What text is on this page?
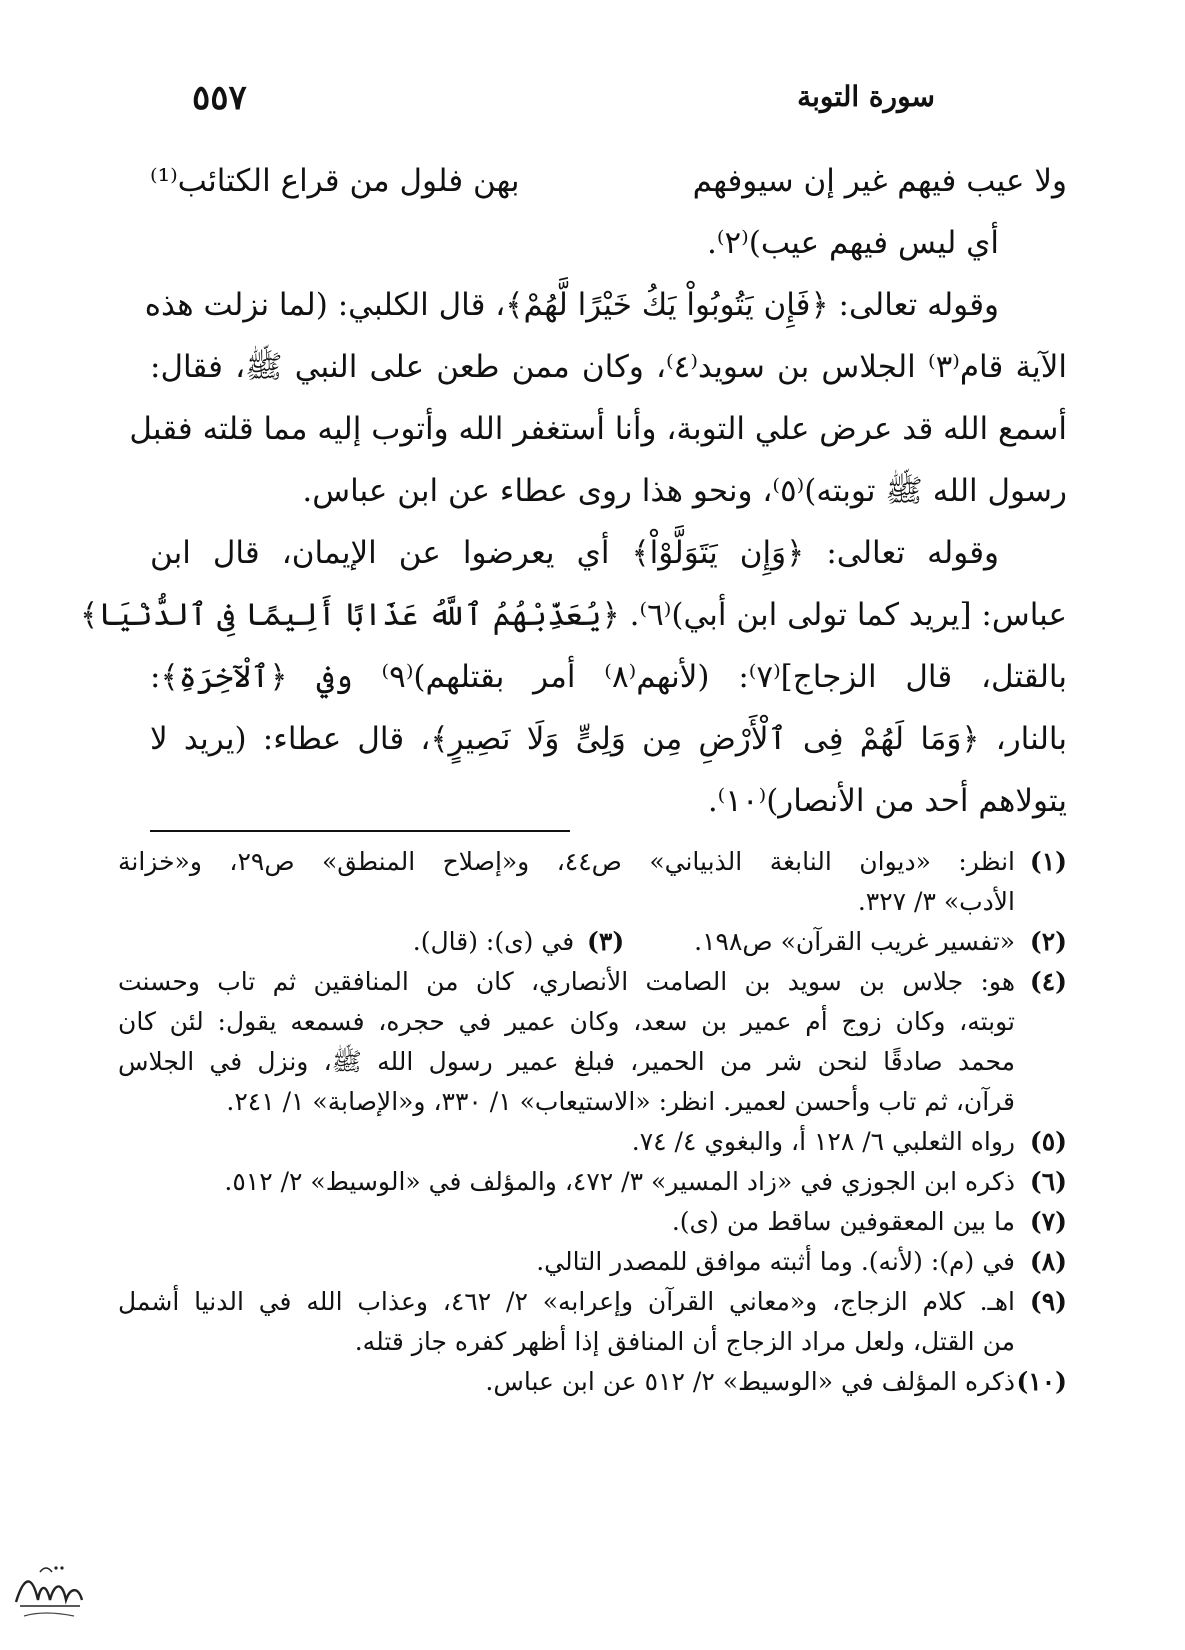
٥٥٧	سورة التوبة
ولا عيب فيهم غير إن سيوفهم
بهن فلول من قراع الكتائب⁽¹⁾
أي ليس فيهم عيب)⁽٢⁾.
وقوله تعالى: ﴿فَإِن يَتُوبُواْ يَكُ خَيْرًا لَّهُمْ﴾، قال الكلبي: (لما نزلت هذه
الآية قام⁽٣⁾ الجلاس بن سويد⁽٤⁾، وكان ممن طعن على النبي ﷺ، فقال:
أسمع الله قد عرض علي التوبة، وأنا أستغفر الله وأتوب إليه مما قلته فقبل
رسول الله ﷺ توبته)⁽٥⁾، ونحو هذا روى عطاء عن ابن عباس.
وقوله تعالى: ﴿وَإِن يَتَوَلَّوْاْ﴾ أي يعرضوا عن الإيمان، قال ابن
عباس: [يريد كما تولى ابن أبي)⁽٦⁾. ﴿يُعَذِّبْهُمُ ٱللَّهُ عَذَابًا أَلِيمًا فِى ٱلدُّنْيَا﴾
بالقتل، قال الزجاج]⁽٧⁾: (لأنهم⁽٨⁾ أمر بقتلهم)⁽٩⁾ وفي ﴿ٱلْآخِرَةِ﴾:
بالنار، ﴿وَمَا لَهُمْ فِى ٱلْأَرْضِ مِن وَلِىٍّ وَلَا نَصِيرٍ﴾، قال عطاء: (يريد لا
يتولاهم أحد من الأنصار)⁽١٠⁾.
(١)
انظر: «ديوان النابغة الذبياني» ص٤٤، و«إصلاح المنطق» ص٢٩، و«خزانة
الأدب» ٣/ ٣٢٧.
(٢)
«تفسير غريب القرآن» ص١٩٨.
(٣)
في (ى): (قال).
(٤)
هو: جلاس بن سويد بن الصامت الأنصاري، كان من المنافقين ثم تاب وحسنت
توبته، وكان زوج أم عمير بن سعد، وكان عمير في حجره، فسمعه يقول: لئن كان
محمد صادقًا لنحن شر من الحمير، فبلغ عمير رسول الله ﷺ، ونزل في الجلاس
قرآن، ثم تاب وأحسن لعمير. انظر: «الاستيعاب» ١/ ٣٣٠، و«الإصابة» ١/ ٢٤١.
(٥)
رواه الثعلبي ٦/ ١٢٨ أ، والبغوي ٤/ ٧٤.
(٦)
ذكره ابن الجوزي في «زاد المسير» ٣/ ٤٧٢، والمؤلف في «الوسيط» ٢/ ٥١٢.
(٧)
ما بين المعقوفين ساقط من (ى).
(٨)
في (م): (لأنه). وما أثبته موافق للمصدر التالي.
(٩)
اهـ. كلام الزجاج، و«معاني القرآن وإعرابه» ٢/ ٤٦٢، وعذاب الله في الدنيا أشمل
من القتل، ولعل مراد الزجاج أن المنافق إذا أظهر كفره جاز قتله.
(١٠)
ذكره المؤلف في «الوسيط» ٢/ ٥١٢ عن ابن عباس.
